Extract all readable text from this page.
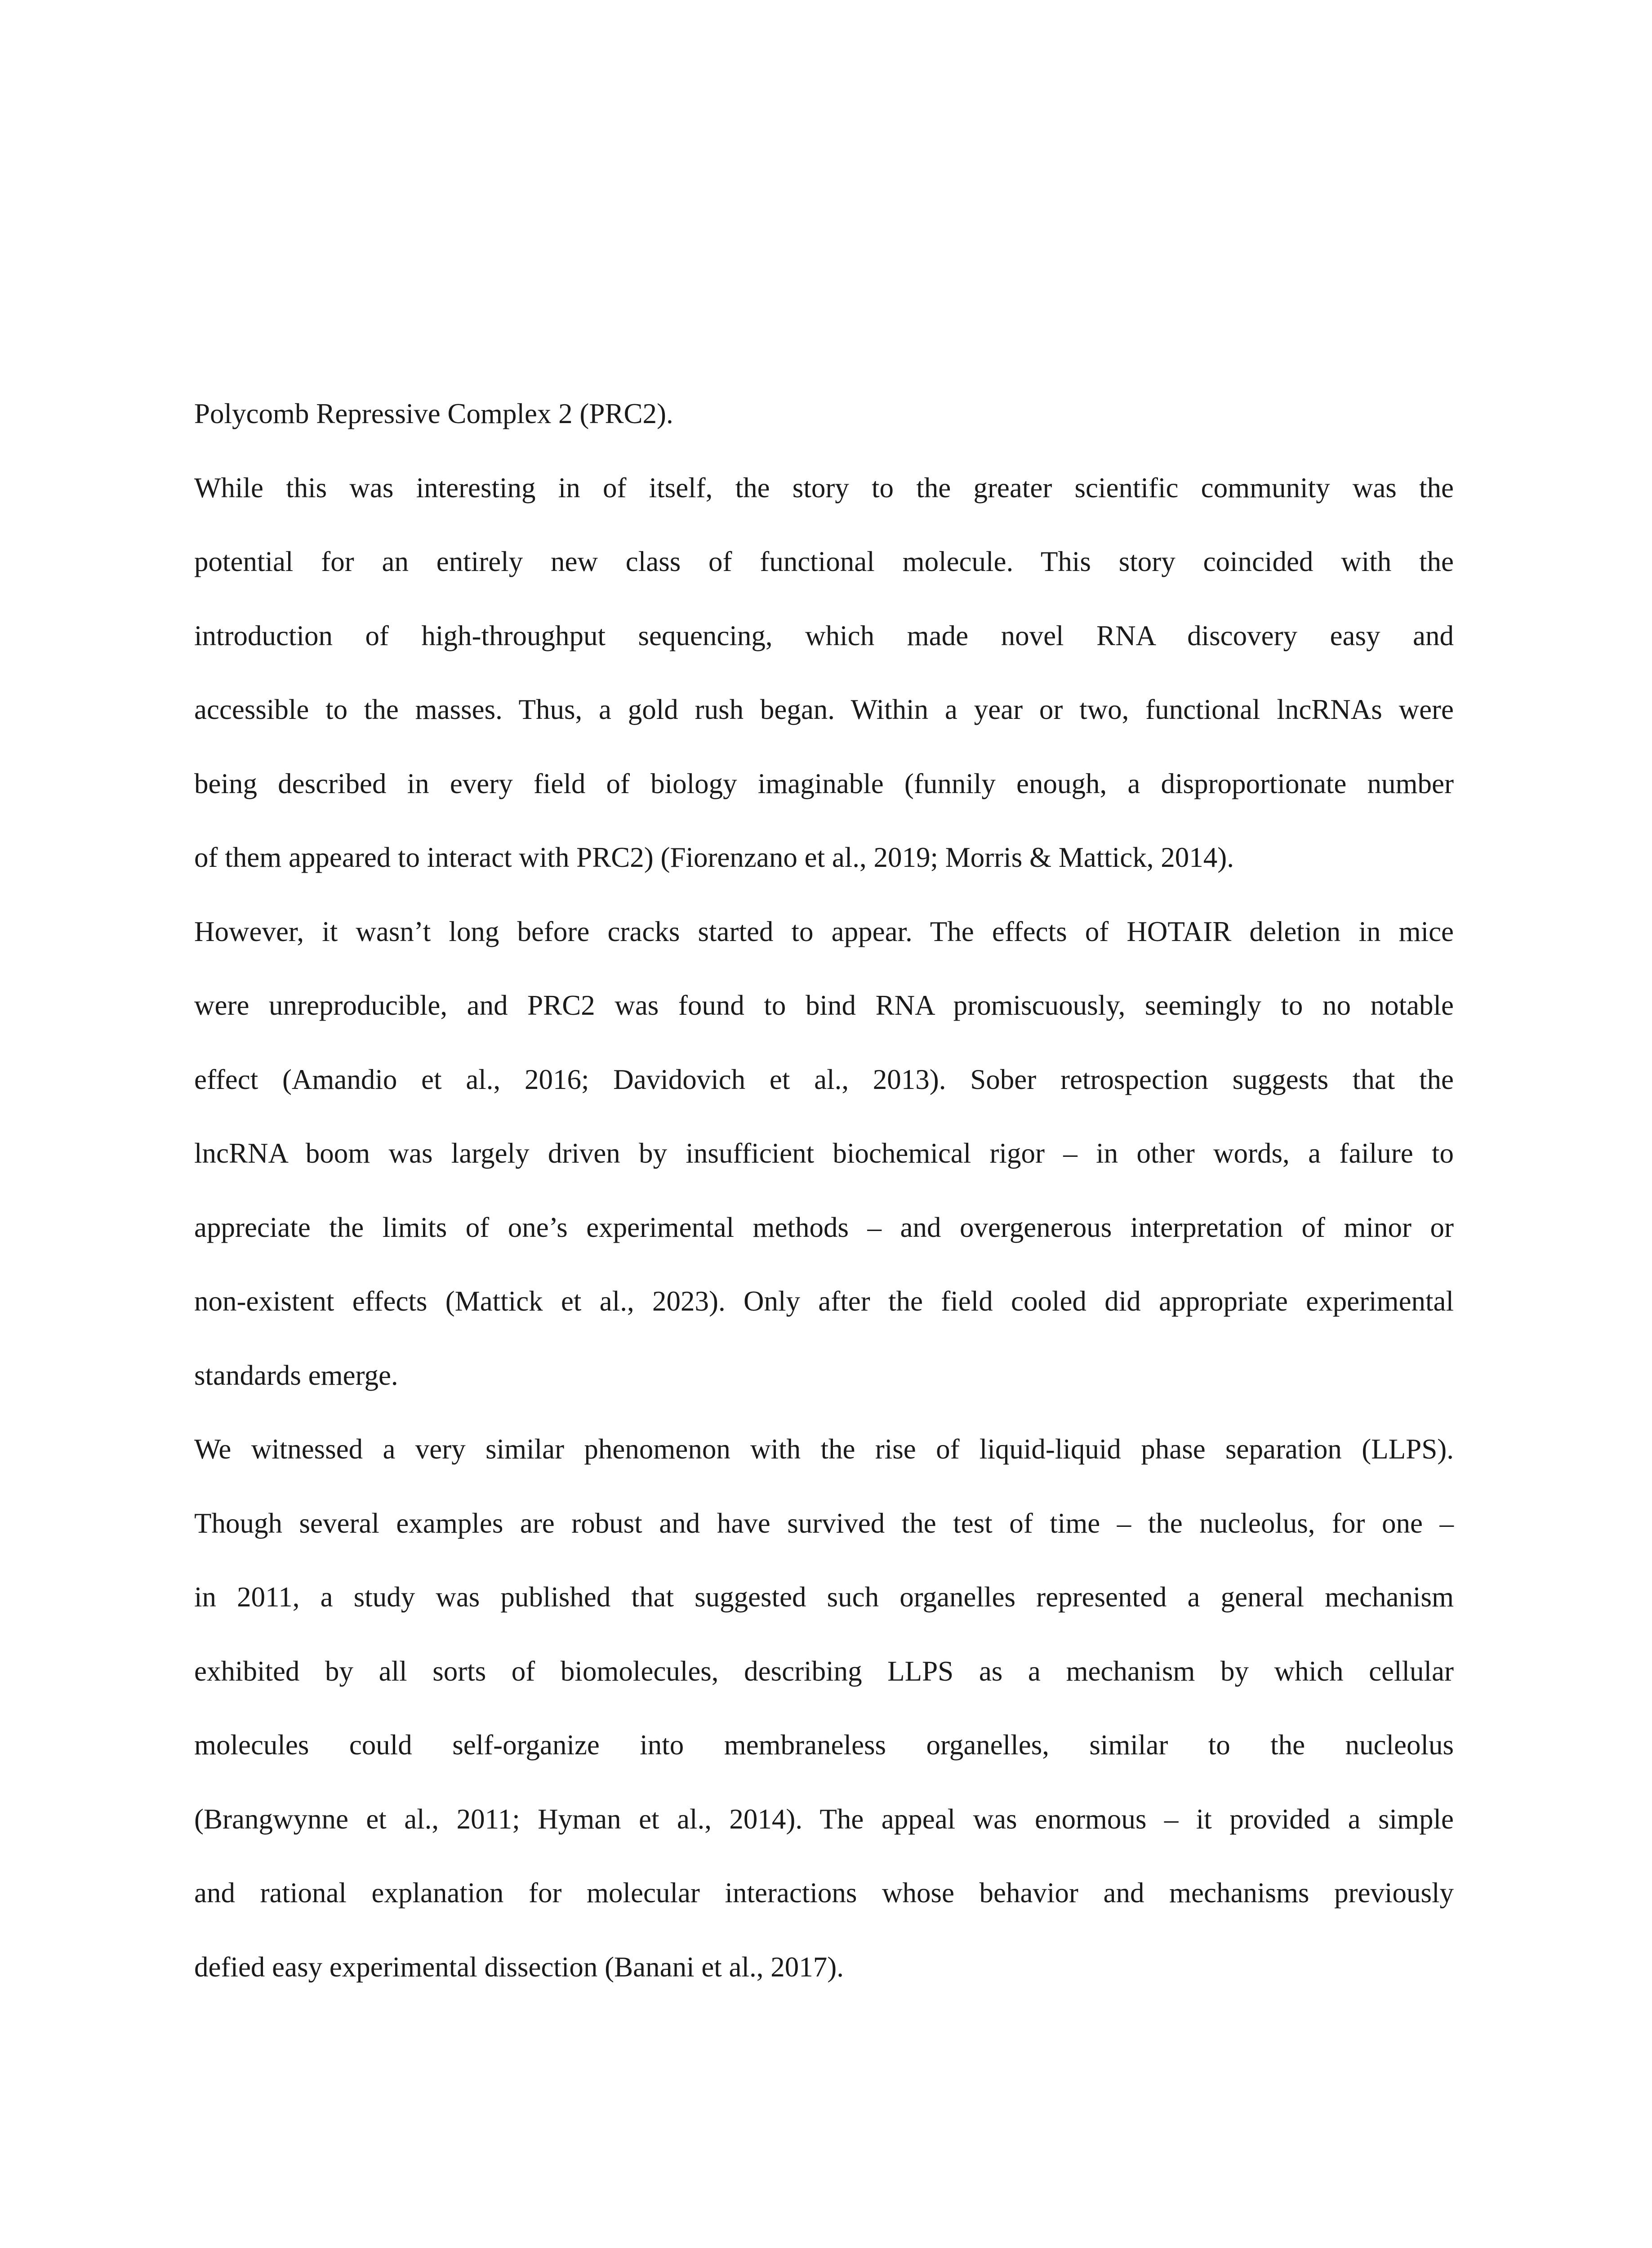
Polycomb Repressive Complex 2 (PRC2).
While this was interesting in of itself, the story to the greater scientific community was the
potential for an entirely new class of functional molecule. This story coincided with the
introduction of high-throughput sequencing, which made novel RNA discovery easy and
accessible to the masses. Thus, a gold rush began. Within a year or two, functional lncRNAs were
being described in every field of biology imaginable (funnily enough, a disproportionate number
of them appeared to interact with PRC2) (Fiorenzano et al., 2019; Morris & Mattick, 2014).
However, it wasn’t long before cracks started to appear. The effects of HOTAIR deletion in mice
were unreproducible, and PRC2 was found to bind RNA promiscuously, seemingly to no notable
effect (Amandio et al., 2016; Davidovich et al., 2013). Sober retrospection suggests that the
lncRNA boom was largely driven by insufficient biochemical rigor – in other words, a failure to
appreciate the limits of one’s experimental methods – and overgenerous interpretation of minor or
non-existent effects (Mattick et al., 2023). Only after the field cooled did appropriate experimental
standards emerge.
We witnessed a very similar phenomenon with the rise of liquid-liquid phase separation (LLPS).
Though several examples are robust and have survived the test of time – the nucleolus, for one –
in 2011, a study was published that suggested such organelles represented a general mechanism
exhibited by all sorts of biomolecules, describing LLPS as a mechanism by which cellular
molecules could self-organize into membraneless organelles, similar to the nucleolus
(Brangwynne et al., 2011; Hyman et al., 2014). The appeal was enormous – it provided a simple
and rational explanation for molecular interactions whose behavior and mechanisms previously
defied easy experimental dissection (Banani et al., 2017).
